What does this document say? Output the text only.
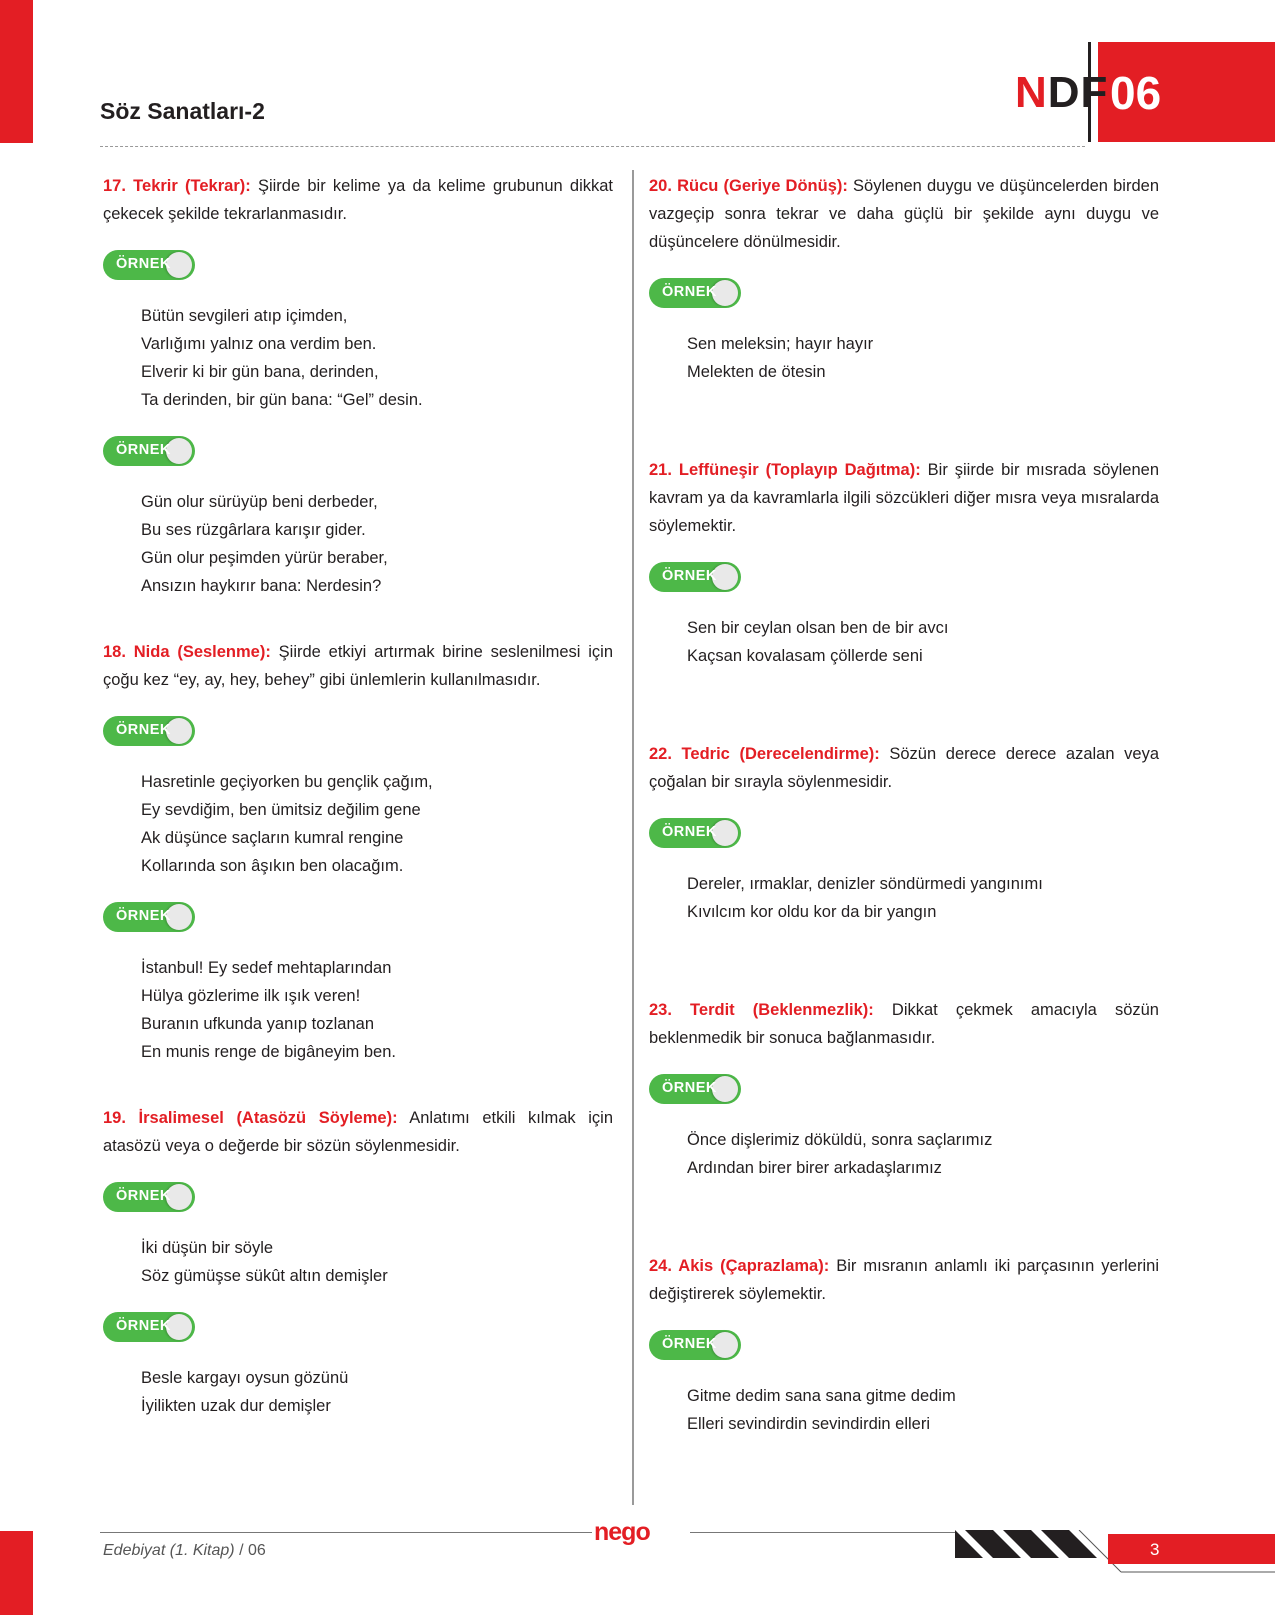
Söz Sanatları-2	NDF 06
17. Tekrir (Tekrar): Şiirde bir kelime ya da kelime grubunun dikkat çekecek şekilde tekrarlanmasıdır.
ÖRNEK
Bütün sevgileri atıp içimden,
Varlığımı yalnız ona verdim ben.
Elverir ki bir gün bana, derinden,
Ta derinden, bir gün bana: “Gel” desin.
ÖRNEK
Gün olur sürüyüp beni derbeder,
Bu ses rüzgârlara karışır gider.
Gün olur peşimden yürür beraber,
Ansızın haykırır bana: Nerdesin?
18. Nida (Seslenme): Şiirde etkiyi artırmak birine seslenilmesi için çoğu kez “ey, ay, hey, behey” gibi ünlemlerin kullanılmasıdır.
ÖRNEK
Hasretinle geçiyorken bu gençlik çağım,
Ey sevdiğim, ben ümitsiz değilim gene
Ak düşünce saçların kumral rengine
Kollarında son âşıkın ben olacağım.
ÖRNEK
İstanbul! Ey sedef mehtaplarından
Hülya gözlerime ilk ışık veren!
Buranın ufkunda yanıp tozlanan
En munis renge de bigâneyim ben.
19. İrsalimesel (Atasözü Söyleme): Anlatımı etkili kılmak için atasözü veya o değerde bir sözün söylenmesidir.
ÖRNEK
İki düşün bir söyle
Söz gümüşse sükût altın demişler
ÖRNEK
Besle kargayı oysun gözünü
İyilikten uzak dur demişler
20. Rücu (Geriye Dönüş): Söylenen duygu ve düşüncelerden birden vazgeçip sonra tekrar ve daha güçlü bir şekilde aynı duygu ve düşüncelere dönülmesidir.
ÖRNEK
Sen meleksin; hayır hayır
Melekten de ötesin
21. Leffüneşir (Toplayıp Dağıtma): Bir şiirde bir mısrada söylenen kavram ya da kavramlarla ilgili sözcükleri diğer mısra veya mısralarda söylemektir.
ÖRNEK
Sen bir ceylan olsan ben de bir avcı
Kaçsan kovalasam çöllerde seni
22. Tedric (Derecelendirme): Sözün derece derece azalan veya çoğalan bir sırayla söylenmesidir.
ÖRNEK
Dereler, ırmaklar, denizler söndürmedi yangınımı
Kıvılcım kor oldu kor da bir yangın
23. Terdit (Beklenmezlik): Dikkat çekmek amacıyla sözün beklenmedik bir sonuca bağlanmasıdır.
ÖRNEK
Önce dişlerimiz döküldü, sonra saçlarımız
Ardından birer birer arkadaşlarımız
24. Akis (Çaprazlama): Bir mısranın anlamlı iki parçasının yerlerini değiştirerek söylemektir.
ÖRNEK
Gitme dedim sana sana gitme dedim
Elleri sevindirdin sevindirdin elleri
Edebiyat (1. Kitap) / 06
nego
3
